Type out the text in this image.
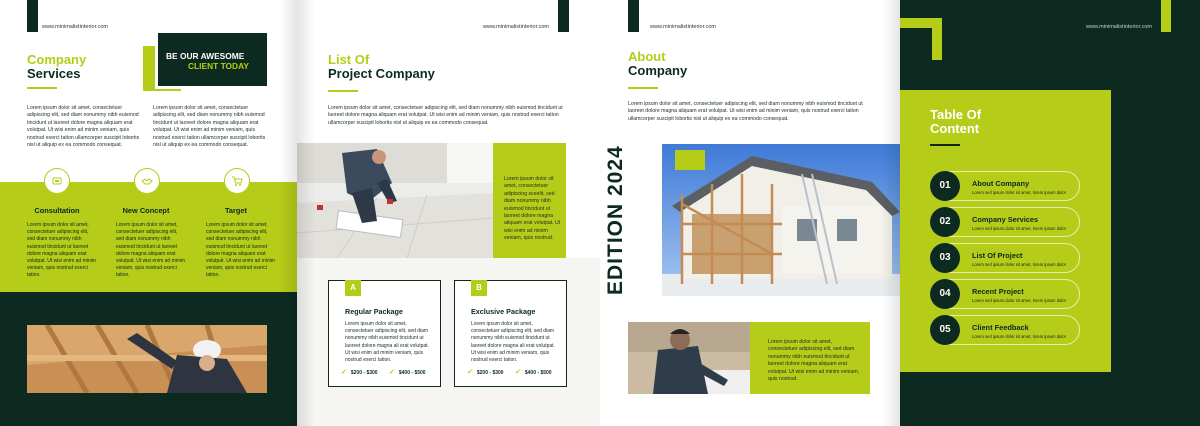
www.minimalistinterior.com
Company
Services
BE OUR AWESOME
CLIENT TODAY
Lorem ipsum dolor sit amet, consectetuer adipiscing elit, sed diam nonummy nibh euismod tincidunt ut laoreet dolore magna aliquam erat volutpat. Ut wisi enim ad minim veniam, quis nostrud exerci tation ullamcorper suscipit lobortis nisl ut aliquip ex ea commodo consequat.
Lorem ipsum dolor sit amet, consectetuer adipiscing elit, sed diam nonummy nibh euismod tincidunt ut laoreet dolore magna aliquam erat volutpat. Ut wisi enim ad minim veniam, quis nostrud exerci tation ullamcorper suscipit lobortis nisl ut aliquip ex ea commodo consequat.
Consultation	New Concept	Target
Lorem ipsum dolor sit amet, consectetuer adipiscing elit, sed diam nonummy nibh euismod tincidunt ut laoreet dolore magna aliquam erat volutpat. Ut wisi enim ad minim veniam, quis nostrud exerci tation.
Lorem ipsum dolor sit amet, consectetuer adipiscing elit, sed diam nonummy nibh euismod tincidunt ut laoreet dolore magna aliquam erat volutpat. Ut wisi enim ad minim veniam, quis nostrud exerci tation.
Lorem ipsum dolor sit amet, consectetuer adipiscing elit, sed diam nonummy nibh euismod tincidunt ut laoreet dolore magna aliquam erat volutpat. Ut wisi enim ad minim veniam, quis nostrud exerci tation.
www.minimalistinterior.com
List Of
Project Company
Lorem ipsum dolor sit amet, consectetuer adipiscing elit, sed diam nonummy nibh euismod tincidunt ut laoreet dolore magna aliquam erat volutpat. Ut wisi enim ad minim veniam, quis nostrud exerci tation ullamcorper suscipit lobortis nisl ut aliquip ex ea commodo consequat.
Lorem ipsum dolor sit amet, consectetuer adipiscing sceelit, sed diam nonummy nibh euismod tincidunt ut laoreet dolore magna aliquam erat volutpat. Ut wisi enim ad minim veniam, quis nostrud.
A
Regular Package
Lorem ipsum dolor sit amet, consectetuer adipiscing elit, sed diam nonummy nibh euismod tincidunt ut laoreet dolore magna ali erat volutpat. Ut wisi enim ad minim veniam, quis nostrud exerci tation.
✓ $200 - $300 ✓ $400 - $500
B
Exclusive Package
Lorem ipsum dolor sit amet, consectetuer adipiscing elit, sed diam nonummy nibh euismod tincidunt ut laoreet dolore magna ali erat volutpat. Ut wisi enim ad minim veniam, quis nostrud exerci tation.
✓ $200 - $300 ✓ $400 - $500
www.minimalistinterior.com
About
Company
Lorem ipsum dolor sit amet, consectetuer adipiscing elit, sed diam nonummy nibh euismod tincidunt ut laoreet dolore magna aliquam erat volutpat. Ut wisi enim ad minim veniam, quis nostrud exerci tation ullamcorper suscipit lobortis nisl ut aliquip ex ea commodo consequat.
EDITION 2024
Lorem ipsum dolor sit amet, consectetuer adipiscing elit, sed diam nonummy nibh euismod tincidunt ut laoreet dolore magna aliquam erat volutpat. Ut wisi enim ad minim veniam, quis nostrud.
www.minimalistinterior.com
Table Of
Content
01	About Company
Lorem sed ipsum dolor sit amet, lorem ipsum dolor
02	Company Services
Lorem sed ipsum dolor sit amet, lorem ipsum dolor
03	List Of Project
Lorem sed ipsum dolor sit amet, lorem ipsum dolor
04	Recent Project
Lorem sed ipsum dolor sit amet, lorem ipsum dolor
05	Client Feedback
Lorem sed ipsum dolor sit amet, lorem ipsum dolor
